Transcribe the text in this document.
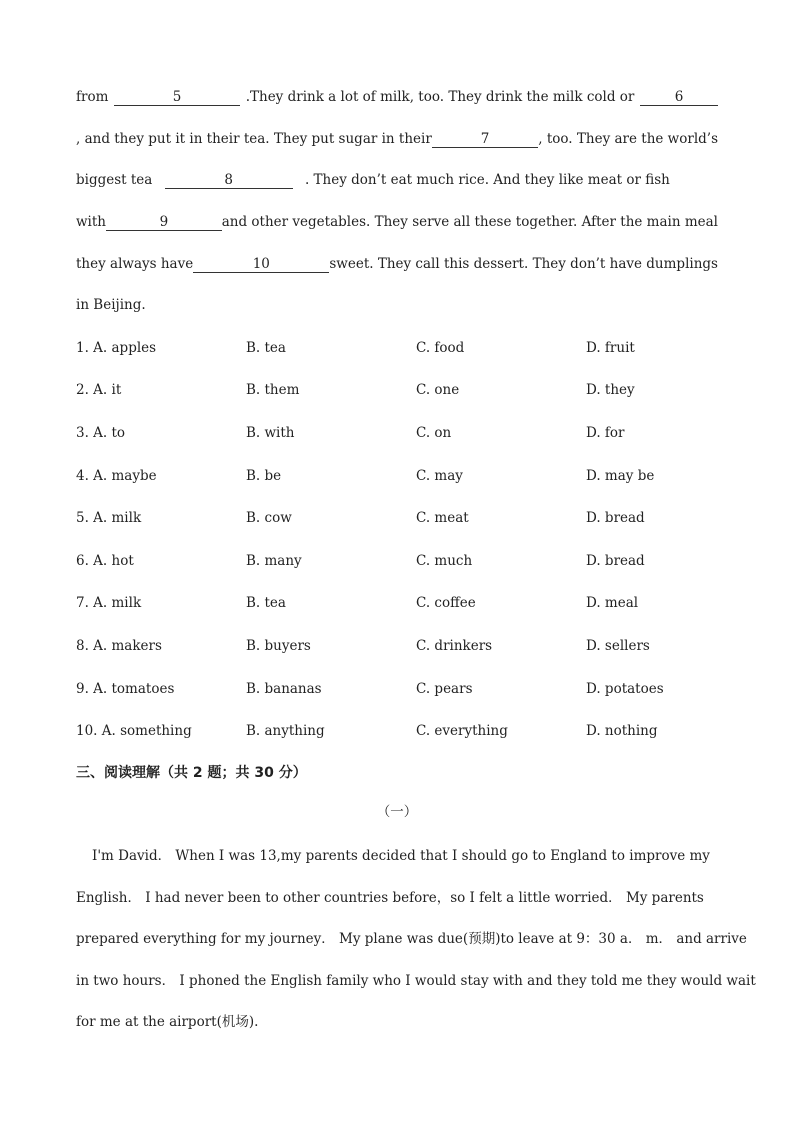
from	5	.They drink a lot of milk, too. They drink the milk cold or	6
, and they put it in their tea. They put sugar in their	7	, too. They are the world’s
biggest tea	8	. They don’t eat much rice. And they like meat or fish
with	9	and other vegetables. They serve all these together. After the main meal
they always have	10	sweet. They call this dessert. They don’t have dumplings
in Beijing.
1. A. apples	B. tea	C. food	D. fruit
2. A. it	B. them	C. one	D. they
3. A. to	B. with	C. on	D. for
4. A. maybe	B. be	C. may	D. may be
5. A. milk	B. cow	C. meat	D. bread
6. A. hot	B. many	C. much	D. bread
7. A. milk	B. tea	C. coffee	D. meal
8. A. makers	B. buyers	C. drinkers	D. sellers
9. A. tomatoes	B. bananas	C. pears	D. potatoes
10. A. something	B. anything	C. everything	D. nothing
三、阅读理解（共 2 题；共 30 分）
（一）
I'm David． When I was 13,my parents decided that I should go to England to improve my
English． I had never been to other countries before，so I felt a little worried． My parents
prepared everything for my journey． My plane was due(预期)to leave at 9：30 a． m． and arrive
in two hours． I phoned the English family who I would stay with and they told me they would wait
for me at the airport(机场).
